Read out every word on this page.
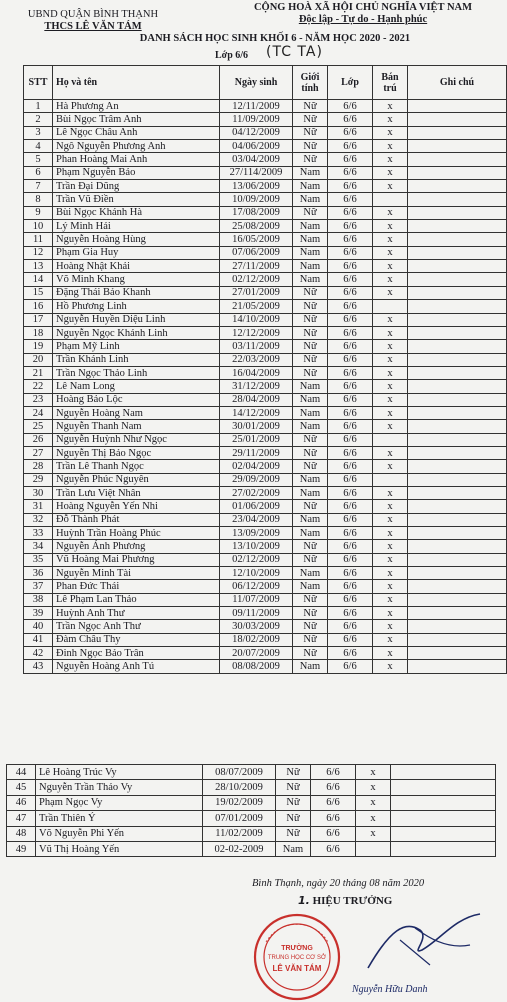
UBND QUẬN BÌNH THẠNH
THCS LÊ VĂN TÁM
CỘNG HOÀ XÃ HỘI CHỦ NGHĨA VIỆT NAM
Độc lập - Tự do - Hạnh phúc
DANH SÁCH HỌC SINH KHỐI 6 - NĂM HỌC 2020 - 2021
Lớp 6/6 (TC TA)
STT	Họ và tên	Ngày sinh	Giới tính	Lớp	Bán trú	Ghi chú
1	Hà Phương An	12/11/2009	Nữ	6/6	x	
2	Bùi Ngọc Trâm Anh	11/09/2009	Nữ	6/6	x	
3	Lê Ngọc Châu Anh	04/12/2009	Nữ	6/6	x	
4	Ngô Nguyễn Phương Anh	04/06/2009	Nữ	6/6	x	
5	Phan Hoàng Mai Anh	03/04/2009	Nữ	6/6	x	
6	Phạm Nguyễn Bảo	27/114/2009	Nam	6/6	x	
7	Trần Đại Dũng	13/06/2009	Nam	6/6	x	
8	Trần Vũ Điền	10/09/2009	Nam	6/6		
9	Bùi Ngọc Khánh Hà	17/08/2009	Nữ	6/6	x	
10	Lý Minh Hải	25/08/2009	Nam	6/6	x	
11	Nguyễn Hoàng Hùng	16/05/2009	Nam	6/6	x	
12	Phạm Gia Huy	07/06/2009	Nam	6/6	x	
13	Hoàng Nhật Khải	27/11/2009	Nam	6/6	x	
14	Võ Minh Khang	02/12/2009	Nam	6/6	x	
15	Đặng Thái Bảo Khanh	27/01/2009	Nữ	6/6	x	
16	Hồ Phương Linh	21/05/2009	Nữ	6/6		
17	Nguyễn Huyền Diệu Linh	14/10/2009	Nữ	6/6	x	
18	Nguyễn Ngọc Khánh Linh	12/12/2009	Nữ	6/6	x	
19	Phạm Mỹ Linh	03/11/2009	Nữ	6/6	x	
20	Trần Khánh Linh	22/03/2009	Nữ	6/6	x	
21	Trần Ngọc Thảo Linh	16/04/2009	Nữ	6/6	x	
22	Lê Nam Long	31/12/2009	Nam	6/6	x	
23	Hoàng Bảo Lộc	28/04/2009	Nam	6/6	x	
24	Nguyễn Hoàng Nam	14/12/2009	Nam	6/6	x	
25	Nguyễn Thanh Nam	30/01/2009	Nam	6/6	x	
26	Nguyễn Huỳnh Như Ngọc	25/01/2009	Nữ	6/6		
27	Nguyễn Thị Bảo Ngọc	29/11/2009	Nữ	6/6	x	
28	Trần Lê Thanh Ngọc	02/04/2009	Nữ	6/6	x	
29	Nguyễn Phúc Nguyên	29/09/2009	Nam	6/6		
30	Trần Lưu Việt Nhân	27/02/2009	Nam	6/6	x	
31	Hoàng Nguyễn Yến Nhi	01/06/2009	Nữ	6/6	x	
32	Đỗ Thành Phát	23/04/2009	Nam	6/6	x	
33	Huỳnh Trần Hoàng Phúc	13/09/2009	Nam	6/6	x	
34	Nguyễn Ánh Phương	13/10/2009	Nữ	6/6	x	
35	Vũ Hoàng Mai Phương	02/12/2009	Nữ	6/6	x	
36	Nguyễn Minh Tài	12/10/2009	Nam	6/6	x	
37	Phan Đức Thái	06/12/2009	Nam	6/6	x	
38	Lê Phạm Lan Thảo	11/07/2009	Nữ	6/6	x	
39	Huỳnh Anh Thư	09/11/2009	Nữ	6/6	x	
40	Trần Ngọc Anh Thư	30/03/2009	Nữ	6/6	x	
41	Đàm Châu Thy	18/02/2009	Nữ	6/6	x	
42	Đinh Ngọc Bảo Trân	20/07/2009	Nữ	6/6	x	
43	Nguyễn Hoàng Anh Tú	08/08/2009	Nam	6/6	x	
44	Lê Hoàng Trúc Vy	08/07/2009	Nữ	6/6	x	
45	Nguyễn Trần Thảo Vy	28/10/2009	Nữ	6/6	x	
46	Phạm Ngọc Vy	19/02/2009	Nữ	6/6	x	
47	Trần Thiên Ý	07/01/2009	Nữ	6/6	x	
48	Võ Nguyễn Phi Yến	11/02/2009	Nữ	6/6	x	
49	Vũ Thị Hoàng Yến	02-02-2009	Nam	6/6		
Bình Thạnh, ngày 20 tháng 08 năm 2020
1. HIỆU TRƯỞNG
TRƯỜNG
TRUNG HỌC CƠ SỞ
LÊ VĂN TÁM
Nguyễn Hữu Danh
